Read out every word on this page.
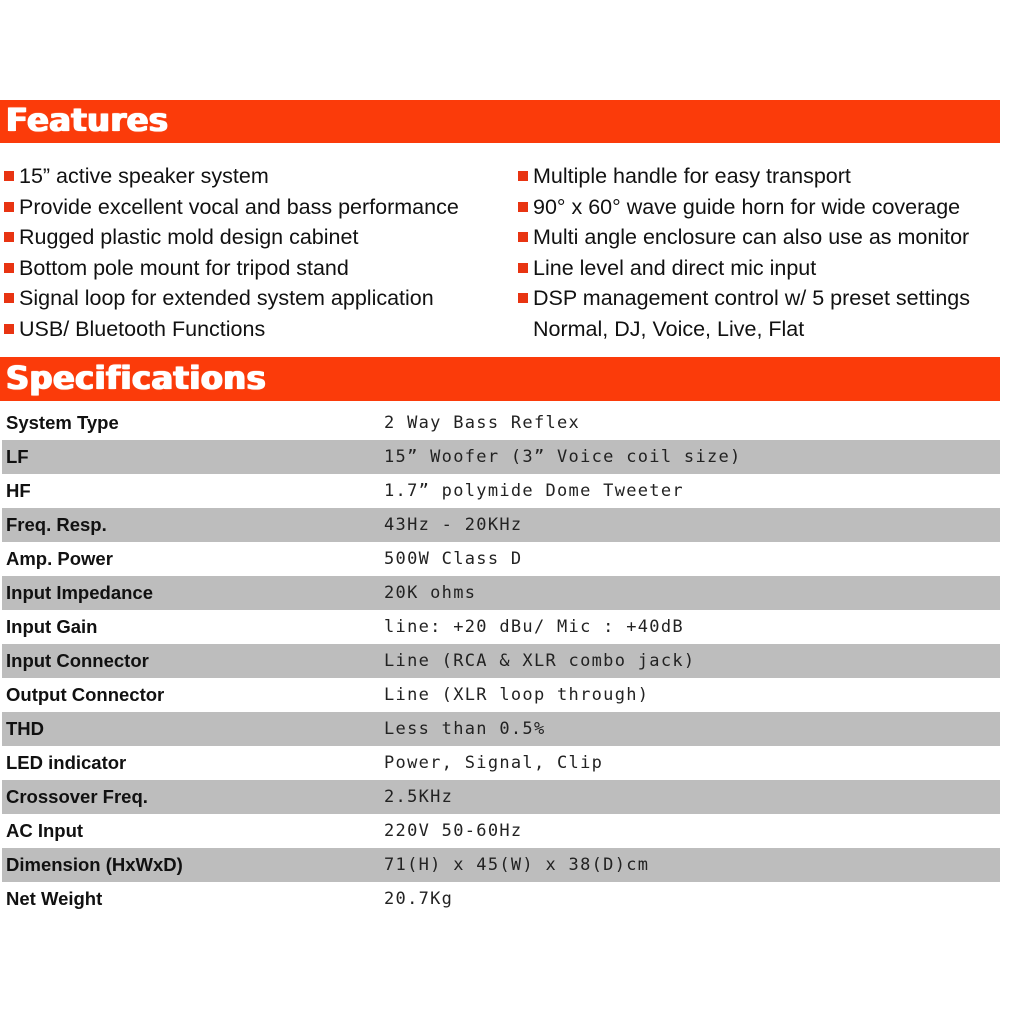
Features
15” active speaker system
Provide excellent vocal and bass performance
Rugged plastic mold design cabinet
Bottom pole mount for tripod stand
Signal loop for extended system application
USB/ Bluetooth Functions
Multiple handle for easy transport
90° x 60° wave guide horn for wide coverage
Multi angle enclosure can also use as monitor
Line level and direct mic input
DSP management control w/ 5 preset settings
Normal, DJ, Voice, Live, Flat
Specifications
System Type	2 Way Bass Reflex
LF	15” Woofer (3” Voice coil size)
HF	1.7” polymide Dome Tweeter
Freq. Resp.	43Hz - 20KHz
Amp. Power	500W Class D
Input Impedance	20K ohms
Input Gain	line: +20 dBu/ Mic : +40dB
Input Connector	Line (RCA & XLR combo jack)
Output Connector	Line (XLR loop through)
THD	Less than 0.5%
LED indicator	Power, Signal, Clip
Crossover Freq.	2.5KHz
AC Input	220V 50-60Hz
Dimension (HxWxD)	71(H) x 45(W) x 38(D)cm
Net Weight	20.7Kg
